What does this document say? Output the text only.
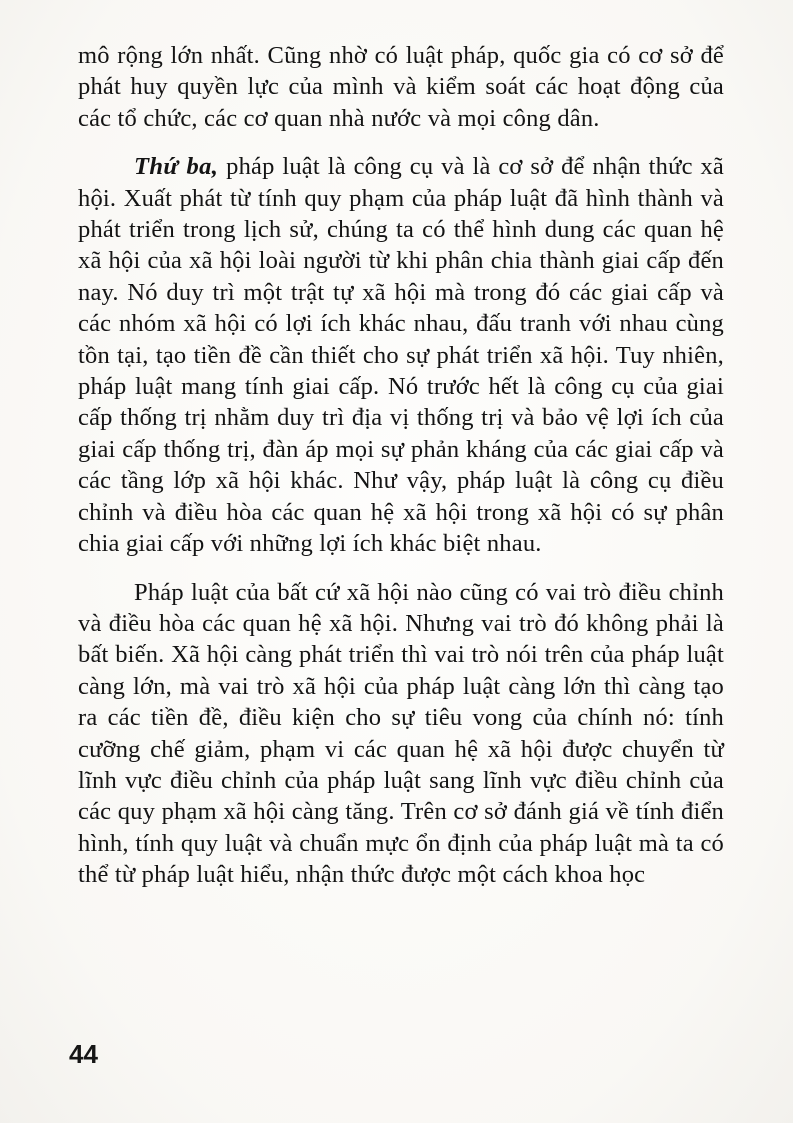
mô rộng lớn nhất. Cũng nhờ có luật pháp, quốc gia có cơ sở để phát huy quyền lực của mình và kiểm soát các hoạt động của các tổ chức, các cơ quan nhà nước và mọi công dân.

Thứ ba, pháp luật là công cụ và là cơ sở để nhận thức xã hội. Xuất phát từ tính quy phạm của pháp luật đã hình thành và phát triển trong lịch sử, chúng ta có thể hình dung các quan hệ xã hội của xã hội loài người từ khi phân chia thành giai cấp đến nay. Nó duy trì một trật tự xã hội mà trong đó các giai cấp và các nhóm xã hội có lợi ích khác nhau, đấu tranh với nhau cùng tồn tại, tạo tiền đề cần thiết cho sự phát triển xã hội. Tuy nhiên, pháp luật mang tính giai cấp. Nó trước hết là công cụ của giai cấp thống trị nhằm duy trì địa vị thống trị và bảo vệ lợi ích của giai cấp thống trị, đàn áp mọi sự phản kháng của các giai cấp và các tầng lớp xã hội khác. Như vậy, pháp luật là công cụ điều chỉnh và điều hòa các quan hệ xã hội trong xã hội có sự phân chia giai cấp với những lợi ích khác biệt nhau.

Pháp luật của bất cứ xã hội nào cũng có vai trò điều chỉnh và điều hòa các quan hệ xã hội. Nhưng vai trò đó không phải là bất biến. Xã hội càng phát triển thì vai trò nói trên của pháp luật càng lớn, mà vai trò xã hội của pháp luật càng lớn thì càng tạo ra các tiền đề, điều kiện cho sự tiêu vong của chính nó: tính cưỡng chế giảm, phạm vi các quan hệ xã hội được chuyển từ lĩnh vực điều chỉnh của pháp luật sang lĩnh vực điều chỉnh của các quy phạm xã hội càng tăng. Trên cơ sở đánh giá về tính điển hình, tính quy luật và chuẩn mực ổn định của pháp luật mà ta có thể từ pháp luật hiểu, nhận thức được một cách khoa học

44
